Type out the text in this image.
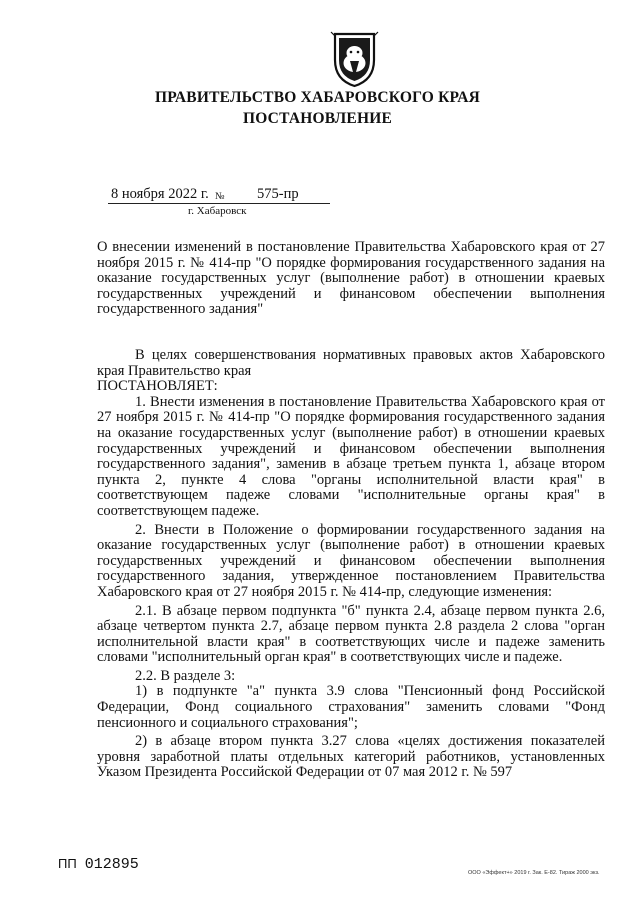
ПРАВИТЕЛЬСТВО ХАБАРОВСКОГО КРАЯ
ПОСТАНОВЛЕНИЕ
8 ноября 2022 г. № 575-пр
г. Хабаровск
О внесении изменений в постановление Правительства Хабаровского края от 27 ноября 2015 г. № 414-пр "О порядке формирования государственного задания на оказание государственных услуг (выполнение работ) в отношении краевых государственных учреждений и финансовом обеспечении выполнения государственного задания"

В целях совершенствования нормативных правовых актов Хабаровского края Правительство края

ПОСТАНОВЛЯЕТ:

1. Внести изменения в постановление Правительства Хабаровского края от 27 ноября 2015 г. № 414-пр "О порядке формирования государственного задания на оказание государственных услуг (выполнение работ) в отношении краевых государственных учреждений и финансовом обеспечении выполнения государственного задания", заменив в абзаце третьем пункта 1, абзаце втором пункта 2, пункте 4 слова "органы исполнительной власти края" в соответствующем падеже словами "исполнительные органы края" в соответствующем падеже.

2. Внести в Положение о формировании государственного задания на оказание государственных услуг (выполнение работ) в отношении краевых государственных учреждений и финансовом обеспечении выполнения государственного задания, утвержденное постановлением Правительства Хабаровского края от 27 ноября 2015 г. № 414-пр, следующие изменения:

2.1. В абзаце первом подпункта "б" пункта 2.4, абзаце первом пункта 2.6, абзаце четвертом пункта 2.7, абзаце первом пункта 2.8 раздела 2 слова "орган исполнительной власти края" в соответствующих числе и падеже заменить словами "исполнительный орган края" в соответствующих числе и падеже.

2.2. В разделе 3:

1) в подпункте "а" пункта 3.9 слова "Пенсионный фонд Российской Федерации, Фонд социального страхования" заменить словами "Фонд пенсионного и социального страхования";

2) в абзаце втором пункта 3.27 слова «целях достижения показателей уровня заработной платы отдельных категорий работников, установленных Указом Президента Российской Федерации от 07 мая 2012 г. № 597

ПП 012895	ООО «Эффект+» 2019 г. Зак. Е-82. Тираж 2000 экз.
